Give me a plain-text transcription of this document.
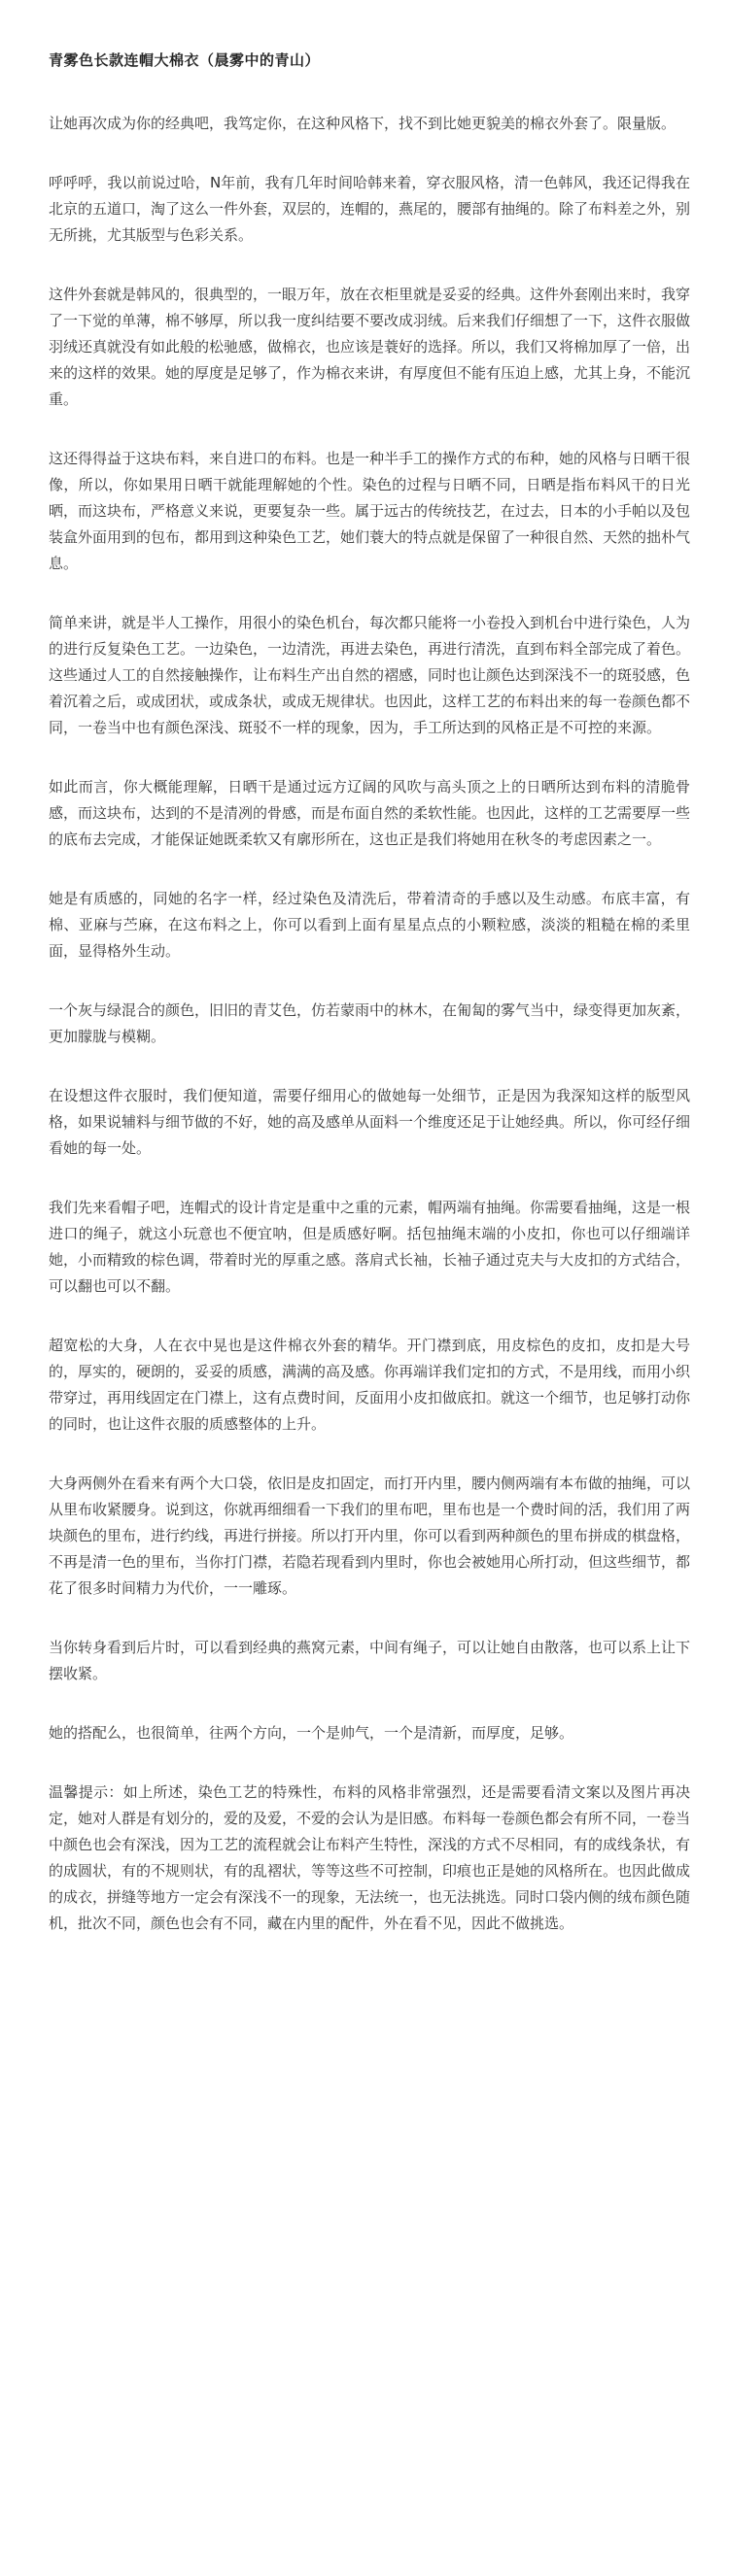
青雾色长款连帽大棉衣（晨雾中的青山）

让她再次成为你的经典吧，我笃定你，在这种风格下，找不到比她更貌美的棉衣外套了。限量版。

呼呼呼，我以前说过哈，N年前，我有几年时间哈韩来着，穿衣服风格，清一色韩风，我还记得我在北京的五道口，淘了这么一件外套，双层的，连帽的，燕尾的，腰部有抽绳的。除了布料差之外，别无所挑，尤其版型与色彩关系。

这件外套就是韩风的，很典型的，一眼万年，放在衣柜里就是妥妥的经典。这件外套刚出来时，我穿了一下觉的单薄，棉不够厚，所以我一度纠结要不要改成羽绒。后来我们仔细想了一下，这件衣服做羽绒还真就没有如此般的松驰感，做棉衣，也应该是蓑好的选择。所以，我们又将棉加厚了一倍，出来的这样的效果。她的厚度是足够了，作为棉衣来讲，有厚度但不能有压迫上感，尤其上身，不能沉重。

这还得得益于这块布料，来自进口的布料。也是一种半手工的操作方式的布种，她的风格与日晒干很像，所以，你如果用日晒干就能理解她的个性。染色的过程与日晒不同，日晒是指布料风干的日光晒，而这块布，严格意义来说，更要复杂一些。属于远古的传统技艺，在过去，日本的小手帕以及包装盒外面用到的包布，都用到这种染色工艺，她们蓑大的特点就是保留了一种很自然、天然的拙朴气息。

简单来讲，就是半人工操作，用很小的染色机台，每次都只能将一小卷投入到机台中进行染色，人为的进行反复染色工艺。一边染色，一边清洗，再进去染色，再进行清洗，直到布料全部完成了着色。这些通过人工的自然接触操作，让布料生产出自然的褶感，同时也让颜色达到深浅不一的斑驳感，色着沉着之后，或成团状，或成条状，或成无规律状。也因此，这样工艺的布料出来的每一卷颜色都不同，一卷当中也有颜色深浅、斑驳不一样的现象，因为，手工所达到的风格正是不可控的来源。

如此而言，你大概能理解，日晒干是通过远方辽阔的风吹与高头顶之上的日晒所达到布料的清脆骨感，而这块布，达到的不是清冽的骨感，而是布面自然的柔软性能。也因此，这样的工艺需要厚一些的底布去完成，才能保证她既柔软又有廓形所在，这也正是我们将她用在秋冬的考虑因素之一。

她是有质感的，同她的名字一样，经过染色及清洗后，带着清奇的手感以及生动感。布底丰富，有棉、亚麻与苎麻，在这布料之上，你可以看到上面有星星点点的小颗粒感，淡淡的粗糙在棉的柔里面，显得格外生动。

一个灰与绿混合的颜色，旧旧的青艾色，仿若蒙雨中的林木，在匍匐的雾气当中，绿变得更加灰紊，更加朦胧与模糊。

在设想这件衣服时，我们便知道，需要仔细用心的做她每一处细节，正是因为我深知这样的版型风格，如果说辅料与细节做的不好，她的高及感单从面料一个维度还足于让她经典。所以，你可经仔细看她的每一处。

我们先来看帽子吧，连帽式的设计肯定是重中之重的元素，帽两端有抽绳。你需要看抽绳，这是一根进口的绳子，就这小玩意也不便宜呐，但是质感好啊。括包抽绳末端的小皮扣，你也可以仔细端详她，小而精致的棕色调，带着时光的厚重之感。落肩式长袖，长袖子通过克夫与大皮扣的方式结合，可以翻也可以不翻。

超宽松的大身，人在衣中晃也是这件棉衣外套的精华。开门襟到底，用皮棕色的皮扣，皮扣是大号的，厚实的，硬朗的，妥妥的质感，满满的高及感。你再端详我们定扣的方式，不是用线，而用小织带穿过，再用线固定在门襟上，这有点费时间，反面用小皮扣做底扣。就这一个细节，也足够打动你的同时，也让这件衣服的质感整体的上升。

大身两侧外在看来有两个大口袋，依旧是皮扣固定，而打开内里，腰内侧两端有本布做的抽绳，可以从里布收紧腰身。说到这，你就再细细看一下我们的里布吧，里布也是一个费时间的活，我们用了两块颜色的里布，进行约线，再进行拼接。所以打开内里，你可以看到两种颜色的里布拼成的棋盘格，不再是清一色的里布，当你打门襟，若隐若现看到内里时，你也会被她用心所打动，但这些细节，都花了很多时间精力为代价，一一雕琢。

当你转身看到后片时，可以看到经典的燕窝元素，中间有绳子，可以让她自由散落，也可以系上让下摆收紧。

她的搭配么，也很简单，往两个方向，一个是帅气，一个是清新，而厚度，足够。

温馨提示：如上所述，染色工艺的特殊性，布料的风格非常强烈，还是需要看清文案以及图片再决定，她对人群是有划分的，爱的及爱，不爱的会认为是旧感。布料每一卷颜色都会有所不同，一卷当中颜色也会有深浅，因为工艺的流程就会让布料产生特性，深浅的方式不尽相同，有的成线条状，有的成圆状，有的不规则状，有的乱褶状，等等这些不可控制，印痕也正是她的风格所在。也因此做成的成衣，拼缝等地方一定会有深浅不一的现象，无法统一，也无法挑选。同时口袋内侧的绒布颜色随机，批次不同，颜色也会有不同，藏在内里的配件，外在看不见，因此不做挑选。
